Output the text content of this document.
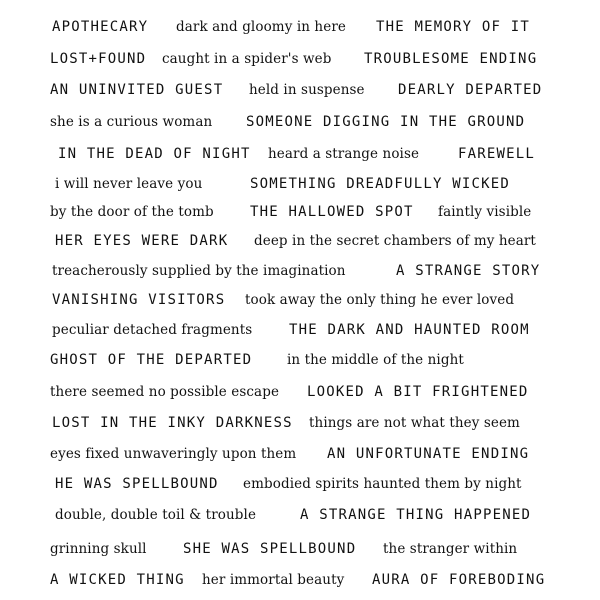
APOTHECARY dark and gloomy in here THE MEMORY OF IT
LOST+FOUND caught in a spider's web TROUBLESOME ENDING
AN UNINVITED GUEST held in suspense DEARLY DEPARTED
she is a curious woman SOMEONE DIGGING IN THE GROUND
IN THE DEAD OF NIGHT heard a strange noise	FAREWELL
i will never leave you	SOMETHING DREADFULLY WICKED
by the door of the tomb	THE HALLOWED SPOT faintly visible
HER EYES WERE DARK deep in the secret chambers of my heart
treacherously supplied by the imagination	A STRANGE STORY
VANISHING VISITORS took away the only thing he ever loved
peculiar detached fragments	THE DARK AND HAUNTED ROOM
GHOST OF THE DEPARTED	in the middle of the night
there seemed no possible escape LOOKED A BIT FRIGHTENED
LOST IN THE INKY DARKNESS things are not what they seem
eyes fixed unwaveringly upon them AN UNFORTUNATE ENDING
HE WAS SPELLBOUND embodied spirits haunted them by night
double, double toil & trouble	A STRANGE THING HAPPENED
grinning skull	SHE WAS SPELLBOUND the stranger within
A WICKED THING her immortal beauty AURA OF FOREBODING
